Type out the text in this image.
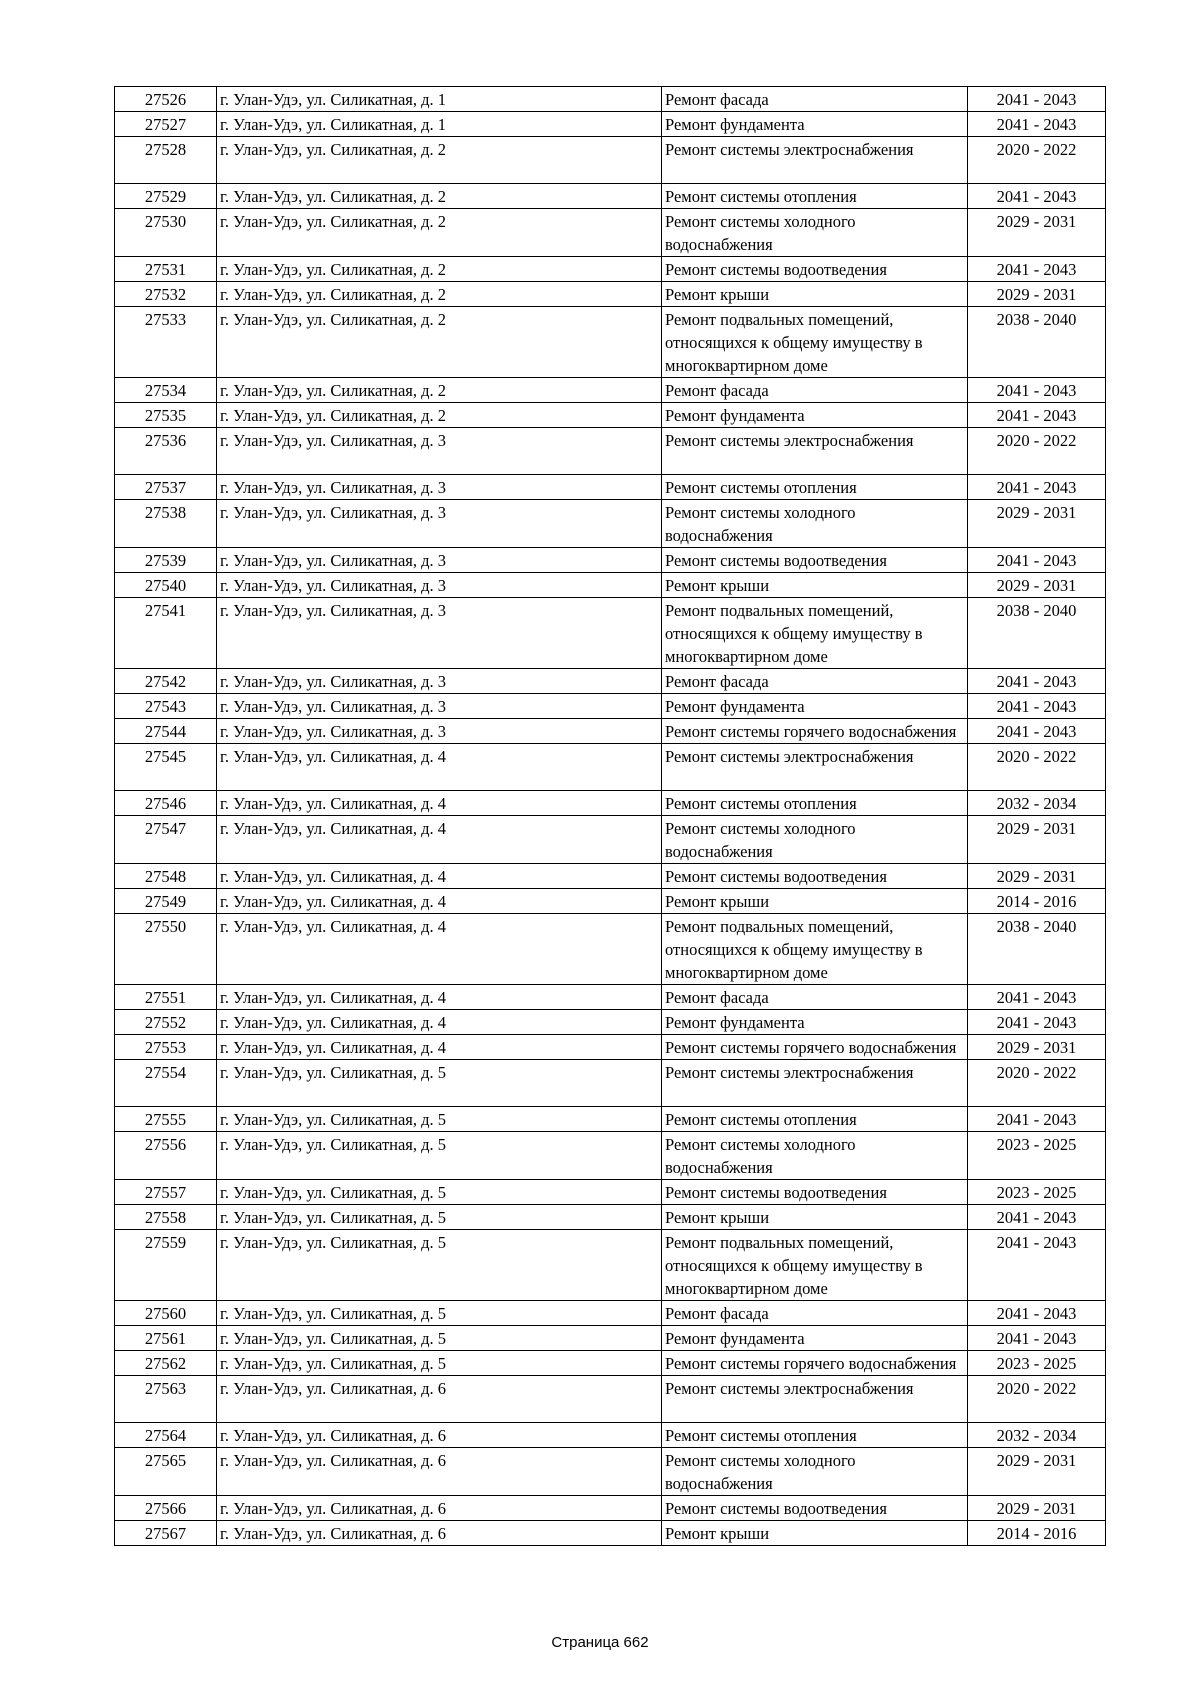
27526	г. Улан-Удэ, ул. Силикатная, д. 1	Ремонт фасада	2041 - 2043
27527	г. Улан-Удэ, ул. Силикатная, д. 1	Ремонт фундамента	2041 - 2043
27528	г. Улан-Удэ, ул. Силикатная, д. 2	Ремонт системы электроснабжения	2020 - 2022
27529	г. Улан-Удэ, ул. Силикатная, д. 2	Ремонт системы отопления	2041 - 2043
27530	г. Улан-Удэ, ул. Силикатная, д. 2	Ремонт системы холодного водоснабжения	2029 - 2031
27531	г. Улан-Удэ, ул. Силикатная, д. 2	Ремонт системы водоотведения	2041 - 2043
27532	г. Улан-Удэ, ул. Силикатная, д. 2	Ремонт крыши	2029 - 2031
27533	г. Улан-Удэ, ул. Силикатная, д. 2	Ремонт подвальных помещений, относящихся к общему имуществу в многоквартирном доме	2038 - 2040
27534	г. Улан-Удэ, ул. Силикатная, д. 2	Ремонт фасада	2041 - 2043
27535	г. Улан-Удэ, ул. Силикатная, д. 2	Ремонт фундамента	2041 - 2043
27536	г. Улан-Удэ, ул. Силикатная, д. 3	Ремонт системы электроснабжения	2020 - 2022
27537	г. Улан-Удэ, ул. Силикатная, д. 3	Ремонт системы отопления	2041 - 2043
27538	г. Улан-Удэ, ул. Силикатная, д. 3	Ремонт системы холодного водоснабжения	2029 - 2031
27539	г. Улан-Удэ, ул. Силикатная, д. 3	Ремонт системы водоотведения	2041 - 2043
27540	г. Улан-Удэ, ул. Силикатная, д. 3	Ремонт крыши	2029 - 2031
27541	г. Улан-Удэ, ул. Силикатная, д. 3	Ремонт подвальных помещений, относящихся к общему имуществу в многоквартирном доме	2038 - 2040
27542	г. Улан-Удэ, ул. Силикатная, д. 3	Ремонт фасада	2041 - 2043
27543	г. Улан-Удэ, ул. Силикатная, д. 3	Ремонт фундамента	2041 - 2043
27544	г. Улан-Удэ, ул. Силикатная, д. 3	Ремонт системы горячего водоснабжения	2041 - 2043
27545	г. Улан-Удэ, ул. Силикатная, д. 4	Ремонт системы электроснабжения	2020 - 2022
27546	г. Улан-Удэ, ул. Силикатная, д. 4	Ремонт системы отопления	2032 - 2034
27547	г. Улан-Удэ, ул. Силикатная, д. 4	Ремонт системы холодного водоснабжения	2029 - 2031
27548	г. Улан-Удэ, ул. Силикатная, д. 4	Ремонт системы водоотведения	2029 - 2031
27549	г. Улан-Удэ, ул. Силикатная, д. 4	Ремонт крыши	2014 - 2016
27550	г. Улан-Удэ, ул. Силикатная, д. 4	Ремонт подвальных помещений, относящихся к общему имуществу в многоквартирном доме	2038 - 2040
27551	г. Улан-Удэ, ул. Силикатная, д. 4	Ремонт фасада	2041 - 2043
27552	г. Улан-Удэ, ул. Силикатная, д. 4	Ремонт фундамента	2041 - 2043
27553	г. Улан-Удэ, ул. Силикатная, д. 4	Ремонт системы горячего водоснабжения	2029 - 2031
27554	г. Улан-Удэ, ул. Силикатная, д. 5	Ремонт системы электроснабжения	2020 - 2022
27555	г. Улан-Удэ, ул. Силикатная, д. 5	Ремонт системы отопления	2041 - 2043
27556	г. Улан-Удэ, ул. Силикатная, д. 5	Ремонт системы холодного водоснабжения	2023 - 2025
27557	г. Улан-Удэ, ул. Силикатная, д. 5	Ремонт системы водоотведения	2023 - 2025
27558	г. Улан-Удэ, ул. Силикатная, д. 5	Ремонт крыши	2041 - 2043
27559	г. Улан-Удэ, ул. Силикатная, д. 5	Ремонт подвальных помещений, относящихся к общему имуществу в многоквартирном доме	2041 - 2043
27560	г. Улан-Удэ, ул. Силикатная, д. 5	Ремонт фасада	2041 - 2043
27561	г. Улан-Удэ, ул. Силикатная, д. 5	Ремонт фундамента	2041 - 2043
27562	г. Улан-Удэ, ул. Силикатная, д. 5	Ремонт системы горячего водоснабжения	2023 - 2025
27563	г. Улан-Удэ, ул. Силикатная, д. 6	Ремонт системы электроснабжения	2020 - 2022
27564	г. Улан-Удэ, ул. Силикатная, д. 6	Ремонт системы отопления	2032 - 2034
27565	г. Улан-Удэ, ул. Силикатная, д. 6	Ремонт системы холодного водоснабжения	2029 - 2031
27566	г. Улан-Удэ, ул. Силикатная, д. 6	Ремонт системы водоотведения	2029 - 2031
27567	г. Улан-Удэ, ул. Силикатная, д. 6	Ремонт крыши	2014 - 2016
Страница 662
